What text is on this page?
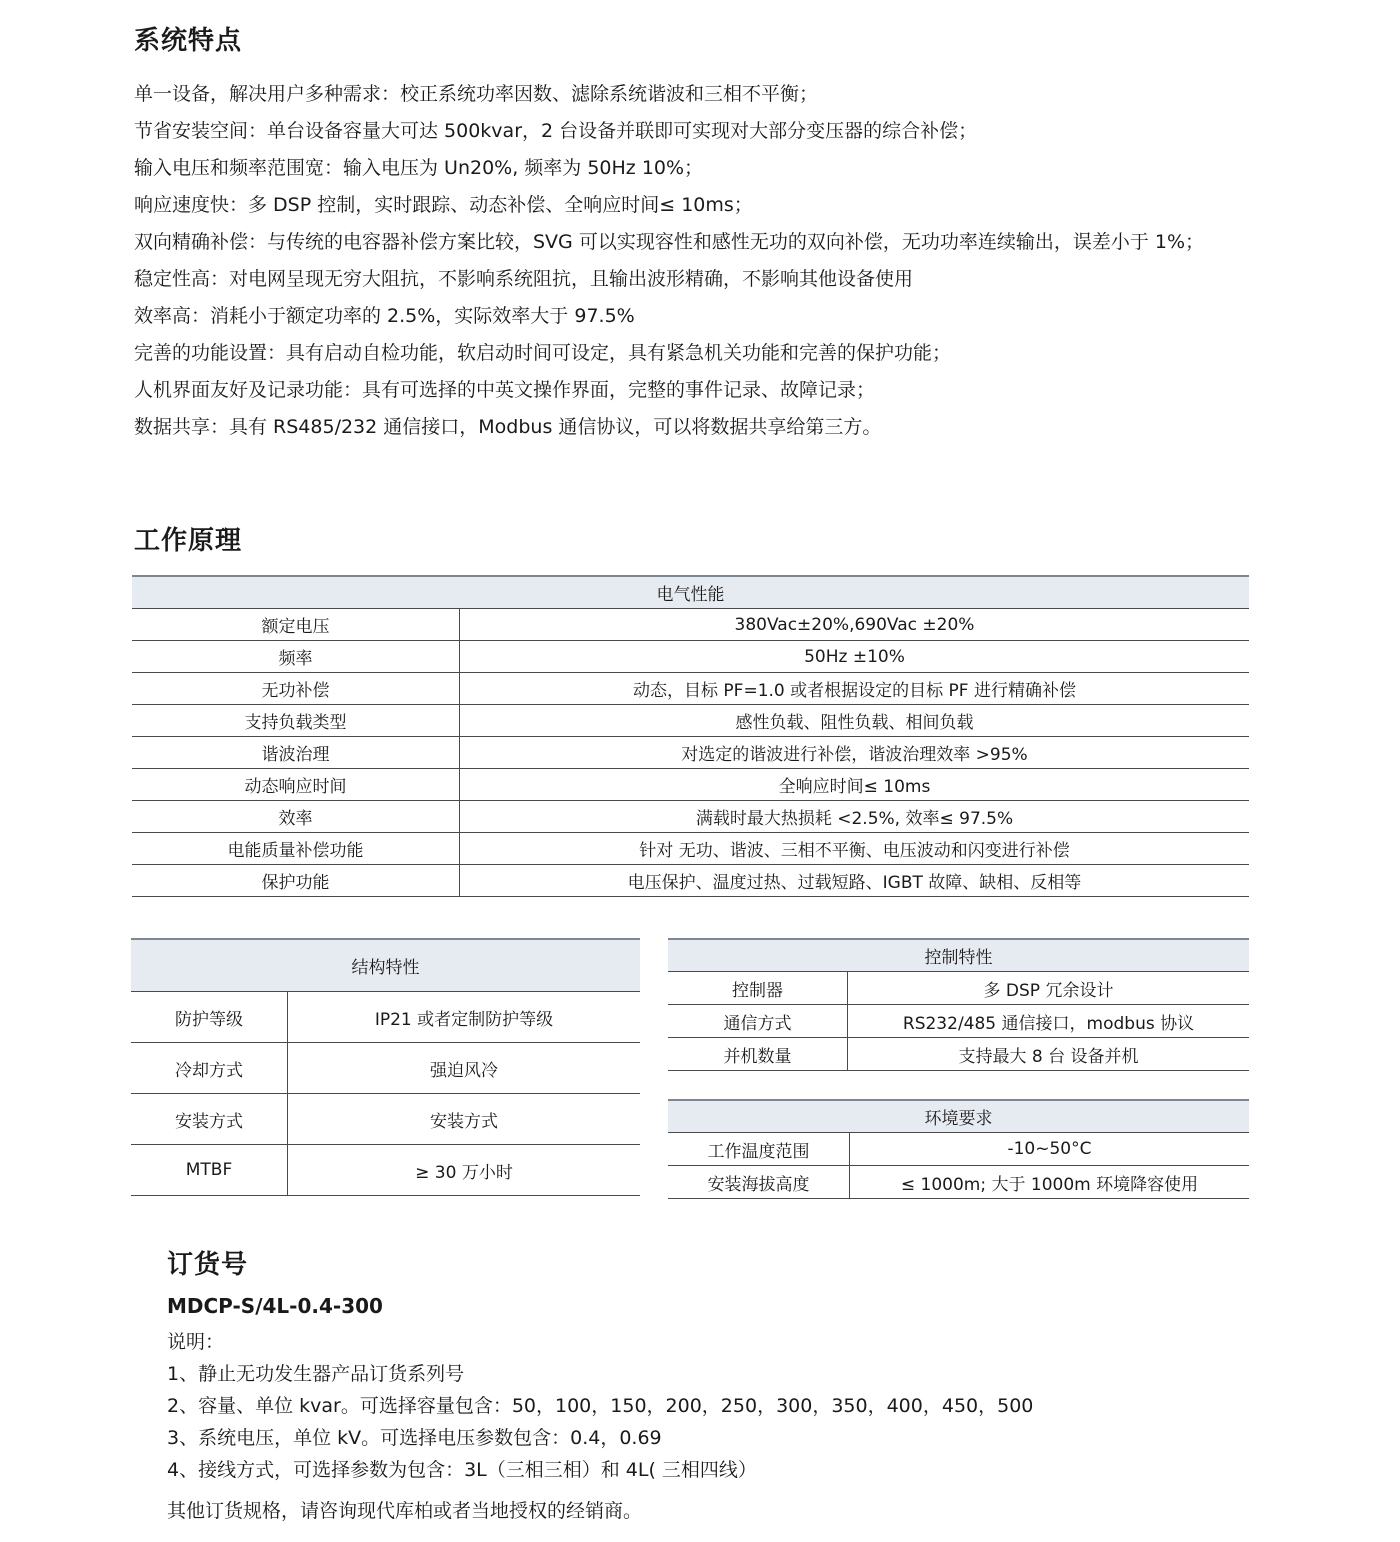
系统特点
单一设备，解决用户多种需求：校正系统功率因数、滤除系统谐波和三相不平衡；
节省安装空间：单台设备容量大可达 500kvar，2 台设备并联即可实现对大部分变压器的综合补偿；
输入电压和频率范围宽：输入电压为 Un20%, 频率为 50Hz 10%；
响应速度快：多 DSP 控制，实时跟踪、动态补偿、全响应时间≤ 10ms；
双向精确补偿：与传统的电容器补偿方案比较，SVG 可以实现容性和感性无功的双向补偿，无功功率连续输出，误差小于 1%；
稳定性高：对电网呈现无穷大阻抗，不影响系统阻抗，且输出波形精确，不影响其他设备使用
效率高：消耗小于额定功率的 2.5%，实际效率大于 97.5%
完善的功能设置：具有启动自检功能，软启动时间可设定，具有紧急机关功能和完善的保护功能；
人机界面友好及记录功能：具有可选择的中英文操作界面，完整的事件记录、故障记录；
数据共享：具有 RS485/232 通信接口，Modbus 通信协议，可以将数据共享给第三方。
工作原理
电气性能	
额定电压	380Vac±20%,690Vac ±20%
频率	50Hz ±10%
无功补偿	动态，目标 PF=1.0 或者根据设定的目标 PF 进行精确补偿
支持负载类型	感性负载、阻性负载、相间负载
谐波治理	对选定的谐波进行补偿，谐波治理效率 >95%
动态响应时间	全响应时间≤ 10ms
效率	满载时最大热损耗 <2.5%, 效率≤ 97.5%
电能质量补偿功能	针对 无功、谐波、三相不平衡、电压波动和闪变进行补偿
保护功能	电压保护、温度过热、过载短路、IGBT 故障、缺相、反相等
结构特性	
防护等级	IP21 或者定制防护等级
冷却方式	强迫风冷
安装方式	安装方式
MTBF	≥ 30 万小时
控制特性	
控制器	多 DSP 冗余设计
通信方式	RS232/485 通信接口，modbus 协议
并机数量	支持最大 8 台 设备并机
环境要求	
工作温度范围	-10~50°C
安装海拔高度	≤ 1000m; 大于 1000m 环境降容使用
订货号

MDCP-S/4L-0.4-300

说明：
1、静止无功发生器产品订货系列号
2、容量、单位 kvar。可选择容量包含：50，100，150，200，250，300，350，400，450，500
3、系统电压，单位 kV。可选择电压参数包含：0.4，0.69
4、接线方式，可选择参数为包含：3L（三相三相）和 4L( 三相四线）

其他订货规格，请咨询现代库柏或者当地授权的经销商。
